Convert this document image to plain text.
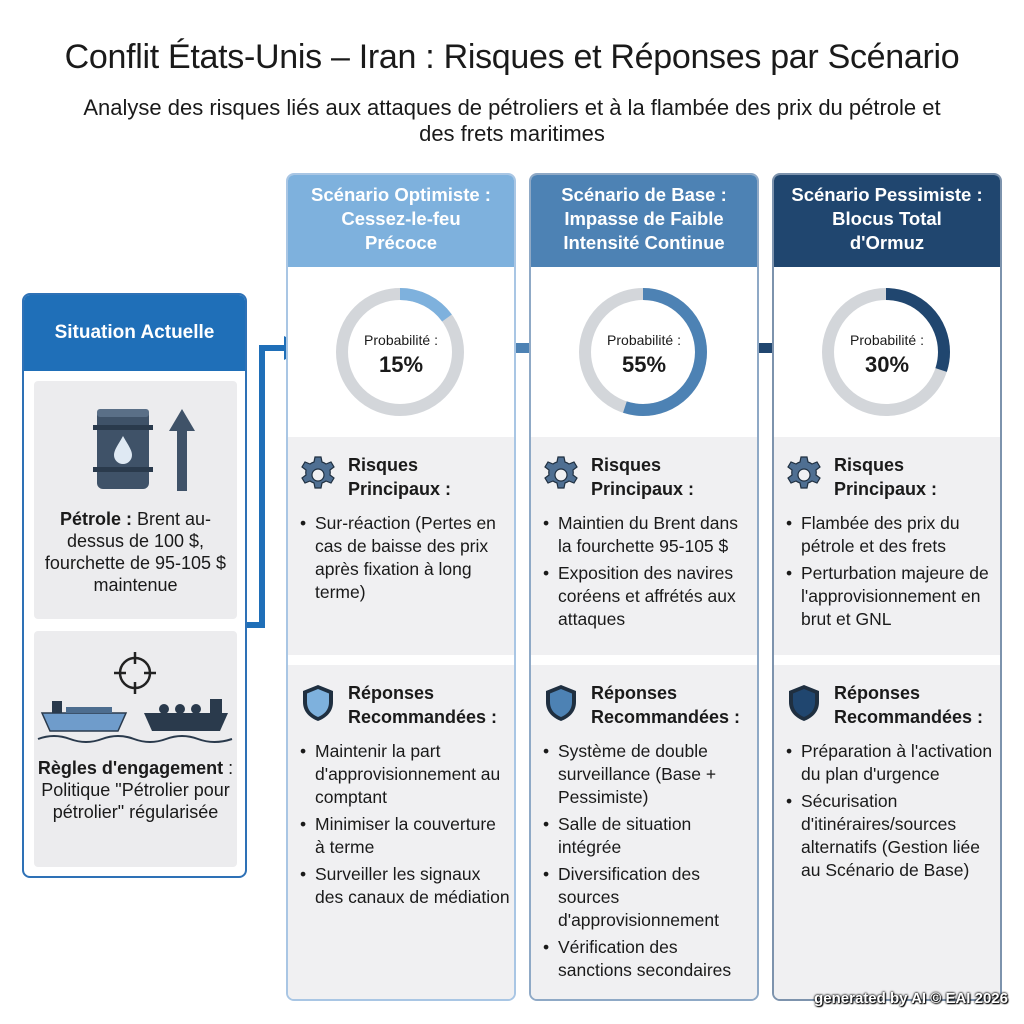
Conflit États-Unis – Iran : Risques et Réponses par Scénario
Analyse des risques liés aux attaques de pétroliers et à la flambée des prix du pétrole et des frets maritimes
Situation Actuelle
Pétrole : Brent au-dessus de 100 $, fourchette de 95-105 $ maintenue
Règles d'engagement : Politique "Pétrolier pour pétrolier" régularisée
Scénario Optimiste :
Cessez-le-feu
Précoce
Probabilité :
15%
Risques
Principaux :
• Sur-réaction (Pertes en cas de baisse des prix après fixation à long terme)
Réponses
Recommandées :
• Maintenir la part d'approvisionnement au comptant
• Minimiser la couverture à terme
• Surveiller les signaux des canaux de médiation
Scénario de Base :
Impasse de Faible
Intensité Continue
Probabilité :
55%
Risques
Principaux :
• Maintien du Brent dans la fourchette 95-105 $
• Exposition des navires coréens et affrétés aux attaques
Réponses
Recommandées :
• Système de double surveillance (Base + Pessimiste)
• Salle de situation intégrée
• Diversification des sources d'approvisionnement
• Vérification des sanctions secondaires
Scénario Pessimiste :
Blocus Total
d'Ormuz
Probabilité :
30%
Risques
Principaux :
• Flambée des prix du pétrole et des frets
• Perturbation majeure de l'approvisionnement en brut et GNL
Réponses
Recommandées :
• Préparation à l'activation du plan d'urgence
• Sécurisation d'itinéraires/sources alternatifs (Gestion liée au Scénario de Base)
generated by AI © EAI 2026
